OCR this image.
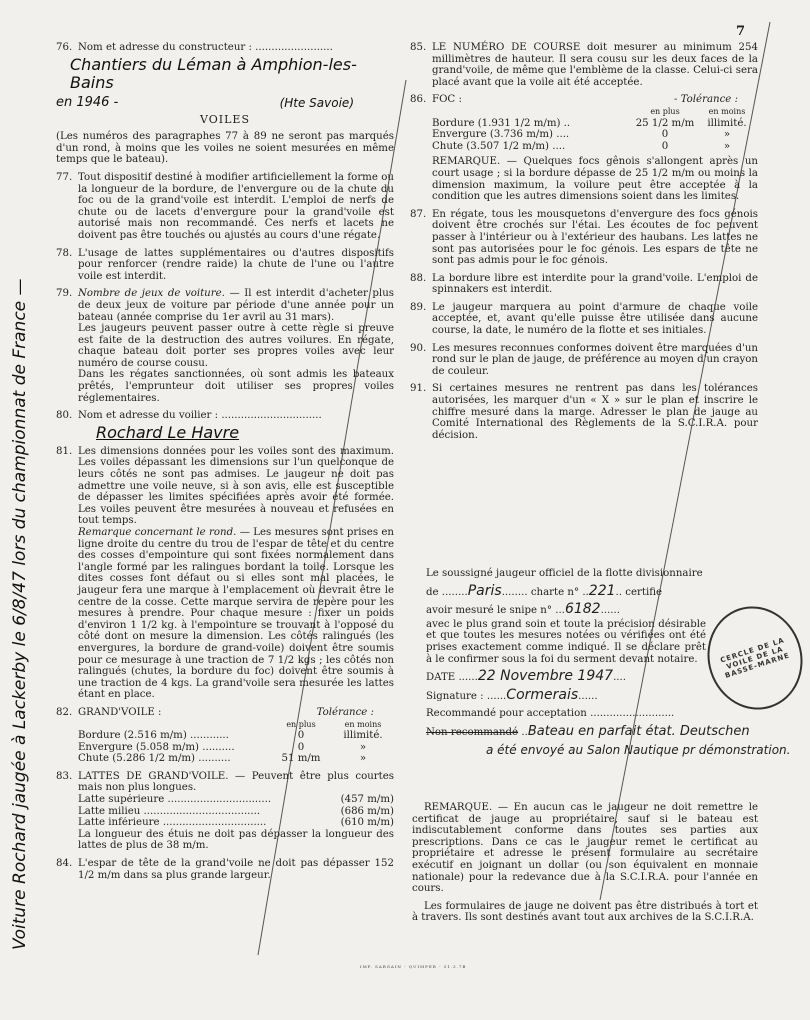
7
76. Nom et adresse du constructeur : ........................
Chantiers du Léman à Amphion-les-Bains
en 1946 -	(Hte Savoie)
VOILES
(Les numéros des paragraphes 77 à 89 ne seront pas marqués d'un rond, à moins que les voiles ne soient mesurées en même temps que le bateau).
77. Tout dispositif destiné à modifier artificiellement la forme ou la longueur de la bordure, de l'envergure ou de la chute du foc ou de la grand'voile est interdit. L'emploi de nerfs de chute ou de lacets d'envergure pour la grand'voile est autorisé mais non recommandé. Ces nerfs et lacets ne doivent pas être touchés ou ajustés au cours d'une régate.
78. L'usage de lattes supplémentaires ou d'autres dispositifs pour renforcer (rendre raide) la chute de l'une ou l'autre voile est interdit.
79. Nombre de jeux de voiture. — Il est interdit d'acheter plus de deux jeux de voiture par période d'une année pour un bateau (année comprise du 1er avril au 31 mars).
Les jaugeurs peuvent passer outre à cette règle si preuve est faite de la destruction des autres voilures. En régate, chaque bateau doit porter ses propres voiles avec leur numéro de course cousu.
Dans les régates sanctionnées, où sont admis les bateaux prêtés, l'emprunteur doit utiliser ses propres voiles réglementaires.
80. Nom et adresse du voilier : ...............................
Rochard Le Havre
81. Les dimensions données pour les voiles sont des maximum. Les voiles dépassant les dimensions sur l'un quelconque de leurs côtés ne sont pas admises. Le jaugeur ne doit pas admettre une voile neuve, si à son avis, elle est susceptible de dépasser les limites spécifiées après avoir été formée. Les voiles peuvent être mesurées à nouveau et refusées en tout temps.
Remarque concernant le rond. — Les mesures sont prises en ligne droite du centre du trou de l'espar de tête et du centre des cosses d'empointure qui sont fixées normalement dans l'angle formé par les ralingues bordant la toile. Lorsque les dites cosses font défaut ou si elles sont mal placées, le jaugeur fera une marque à l'emplacement où devrait être le centre de la cosse. Cette marque servira de repère pour les mesures à prendre. Pour chaque mesure : fixer un poids d'environ 1 1/2 kg. à l'empointure se trouvant à l'opposé du côté dont on mesure la dimension. Les côtés ralingués (les envergures, la bordure de grand-voile) doivent être soumis pour ce mesurage à une traction de 7 1/2 kgs ; les côtés non ralingués (chutes, la bordure du foc) doivent être soumis à une traction de 4 kgs. La grand'voile sera mesurée les lattes étant en place.
82. GRAND'VOILE :	Tolérance :
en plus	en moins
Bordure (2.516 m/m) ............	0	illimité.
Envergure (5.058 m/m) ..........	0	»
Chute (5.286 1/2 m/m) ..........	51 m/m	»
83. LATTES DE GRAND'VOILE. — Peuvent être plus courtes mais non plus longues.
Latte supérieure ................................	(457 m/m)
Latte milieu ....................................	(686 m/m)
Latte inférieure ................................	(610 m/m)
La longueur des étuis ne doit pas dépasser la longueur des lattes de plus de 38 m/m.
84. L'espar de tête de la grand'voile ne doit pas dépasser 152 1/2 m/m dans sa plus grande largeur.
85. LE NUMÉRO DE COURSE doit mesurer au minimum 254 millimètres de hauteur. Il sera cousu sur les deux faces de la grand'voile, de même que l'emblème de la classe. Celui-ci sera placé avant que la voile ait été acceptée.
86. FOC :	- Tolérance :
en plus	en moins
Bordure (1.931 1/2 m/m) ..	25 1/2 m/m	illimité.
Envergure (3.736 m/m) ....	0	»
Chute (3.507 1/2 m/m) ....	0	»
REMARQUE. — Quelques focs gênois s'allongent après un court usage ; si la bordure dépasse de 25 1/2 m/m ou moins la dimension maximum, la voilure peut être acceptée à la condition que les autres dimensions soient dans les limites.
87. En régate, tous les mousquetons d'envergure des focs génois doivent être crochés sur l'étai. Les écoutes de foc peuvent passer à l'intérieur ou à l'extérieur des haubans. Les lattes ne sont pas autorisées pour le foc génois. Les espars de tête ne sont pas admis pour le foc génois.
88. La bordure libre est interdite pour la grand'voile. L'emploi de spinnakers est interdit.
89. Le jaugeur marquera au point d'armure de chaque voile acceptée, et, avant qu'elle puisse être utilisée dans aucune course, la date, le numéro de la flotte et ses initiales.
90. Les mesures reconnues conformes doivent être marquées d'un rond sur le plan de jauge, de préférence au moyen d'un crayon de couleur.
91. Si certaines mesures ne rentrent pas dans les tolérances autorisées, les marquer d'un « X » sur le plan et inscrire le chiffre mesuré dans la marge. Adresser le plan de jauge au Comité International des Règlements de la S.C.I.R.A. pour décision.
Le soussigné jaugeur officiel de la flotte divisionnaire
de ........Paris........ charte n° ..221.. certifie
avoir mesuré le snipe n° ...6182......
avec le plus grand soin et toute la précision désirable et que toutes les mesures notées ou vérifiées ont été prises exactement comme indiqué. Il se déclare prêt à le confirmer sous la foi du serment devant notaire.
DATE ......22 Novembre 1947....
Signature : ......Cormerais......
Recommandé pour acceptation ..........................
Non recommandé ..Bateau en parfait état. Deutschen
a été envoyé au Salon Nautique pr démonstration.
CERCLE DE LA VOILE DE LA BASSE-MARNE
REMARQUE. — En aucun cas le jaugeur ne doit remettre le certificat de jauge au propriétaire, sauf si le bateau est indiscutablement conforme dans toutes ses parties aux prescriptions. Dans ce cas le jaugeur remet le certificat au propriétaire et adresse le présent formulaire au secrétaire exécutif en joignant un dollar (ou son équivalent en monnaie nationale) pour la redevance due à la S.C.I.R.A. pour l'année en cours.
Les formulaires de jauge ne doivent pas être distribués à tort et à travers. Ils sont destinés avant tout aux archives de la S.C.I.R.A.
Voiture Rochard jaugée à Lackerby le 6/8/47 lors du championnat de France —
IMP. SARGAIN - QUIMPER - 31.3.7B
